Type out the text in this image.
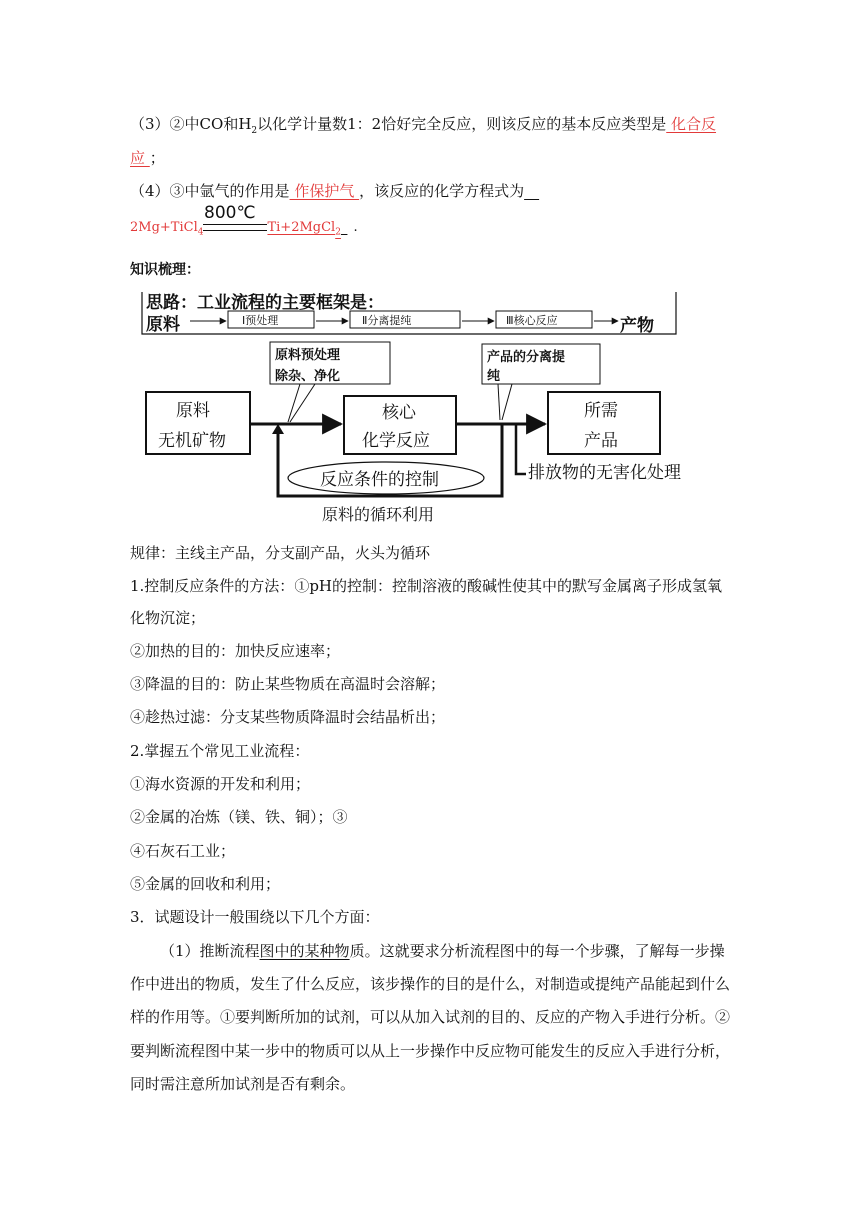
（3）②中CO和$H_2$以化学计量数1：2恰好完全反应，则该反应的基本反应类型是 化合反
应 ；
（4）③中氩气的作用是 作保护气 ，该反应的化学方程式为  
800℃
2Mg+TiCl$_4$	Ti+2MgCl$_2$  .
知识梳理：
思路：工业流程的主要框架是：
原料	Ⅰ预处理	Ⅱ分离提纯	Ⅲ核心反应	产物
原料预处理
除杂、净化
产品的分离提
纯
原料
无机矿物
核心
化学反应
所需
产品
反应条件的控制	排放物的无害化处理
原料的循环利用
规律：主线主产品，分支副产品，火头为循环
1.控制反应条件的方法：①pH的控制：控制溶液的酸碱性使其中的默写金属离子形成氢氧
化物沉淀；
②加热的目的：加快反应速率；
③降温的目的：防止某些物质在高温时会溶解；
④趁热过滤：分支某些物质降温时会结晶析出；
2.掌握五个常见工业流程：
①海水资源的开发和利用；
②金属的冶炼（镁、铁、铜）；③
④石灰石工业；
⑤金属的回收和利用；
3．试题设计一般围绕以下几个方面：
（1）推断流程图中的某种物质。这就要求分析流程图中的每一个步骤，了解每一步操
作中进出的物质，发生了什么反应，该步操作的目的是什么，对制造或提纯产品能起到什么
样的作用等。①要判断所加的试剂，可以从加入试剂的目的、反应的产物入手进行分析。②
要判断流程图中某一步中的物质可以从上一步操作中反应物可能发生的反应入手进行分析，
同时需注意所加试剂是否有剩余。
